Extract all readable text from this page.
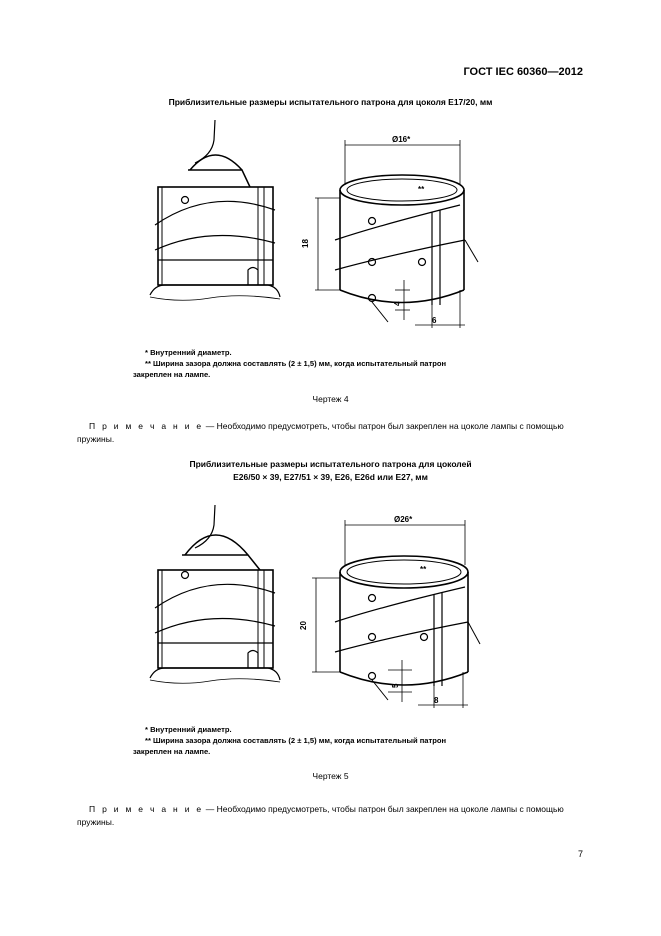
ГОСТ IEC 60360—2012
Приблизительные размеры испытательного патрона для цоколя E17/20, мм
Ø16*
**
18
4
6
* Внутренний диаметр.
** Ширина зазора должна составлять (2 ± 1,5) мм, когда испытательный патрон
закреплен на лампе.
Чертеж 4
П р и м е ч а н и е — Необходимо предусмотреть, чтобы патрон был закреплен на цоколе лампы с помощью
пружины.
Приблизительные размеры испытательного патрона для цоколей
E26/50 × 39, E27/51 × 39, E26, E26d или E27, мм
Ø26*
**
20
5
8
* Внутренний диаметр.
** Ширина зазора должна составлять (2 ± 1,5) мм, когда испытательный патрон
закреплен на лампе.
Чертеж 5
П р и м е ч а н и е — Необходимо предусмотреть, чтобы патрон был закреплен на цоколе лампы с помощью
пружины.
7
